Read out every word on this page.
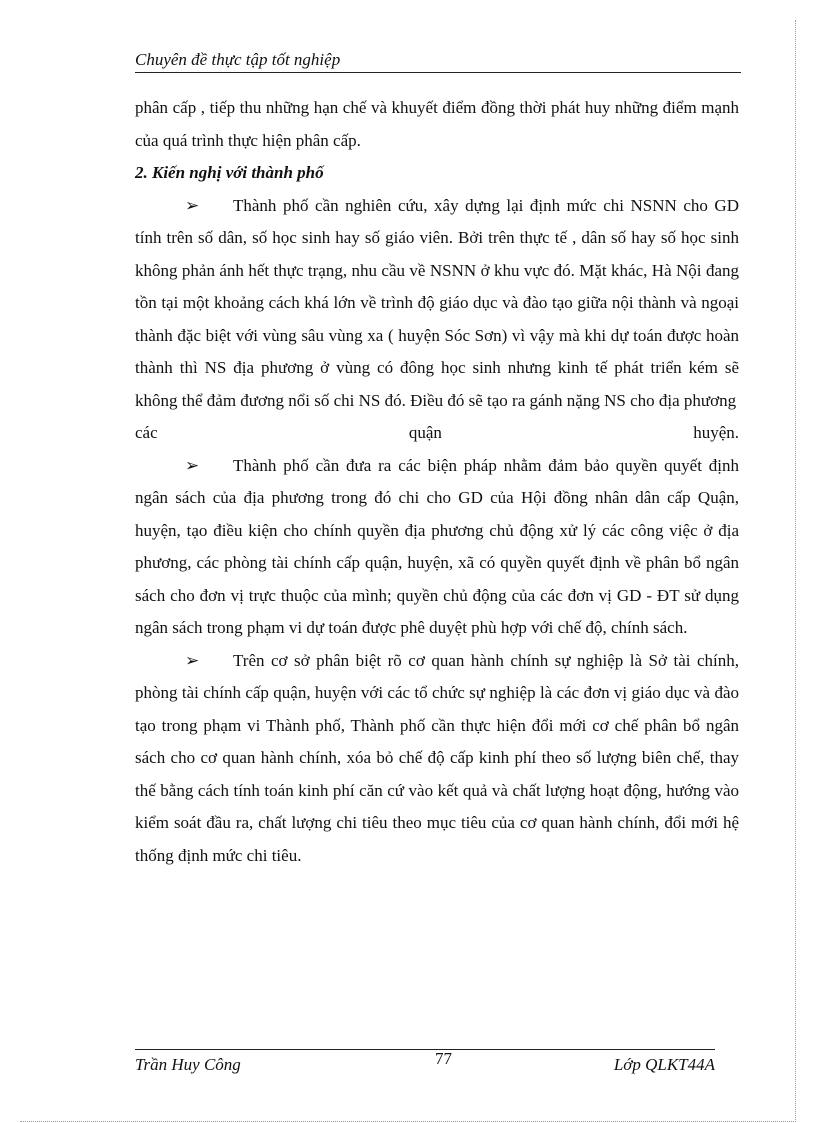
Chuyên đề thực tập tốt nghiệp

phân cấp , tiếp thu những hạn chế và khuyết điểm đồng thời phát huy những điểm mạnh của quá trình thực hiện phân cấp.

2. Kiến nghị với thành phố

➢ Thành phố cần nghiên cứu, xây dựng lại định mức chi NSNN cho GD tính trên số dân, số học sinh hay số giáo viên. Bởi trên thực tế , dân số hay số học sinh không phản ánh hết thực trạng, nhu cầu về NSNN ở khu vực đó. Mặt khác, Hà Nội đang tồn tại một khoảng cách khá lớn về trình độ giáo dục và đào tạo giữa nội thành và ngoại thành đặc biệt với vùng sâu vùng xa ( huyện Sóc Sơn) vì vậy mà khi dự toán được hoàn thành thì NS địa phương ở vùng có đông học sinh nhưng kinh tế phát triển kém sẽ không thể đảm đương nổi số chi NS đó. Điều đó sẽ tạo ra gánh nặng NS cho địa phương

các	quận	huyện.

➢ Thành phố cần đưa ra các biện pháp nhằm đảm bảo quyền quyết định ngân sách của địa phương trong đó chi cho GD của Hội đồng nhân dân cấp Quận, huyện, tạo điều kiện cho chính quyền địa phương chủ động xử lý các công việc ở địa phương, các phòng tài chính cấp quận, huyện, xã có quyền quyết định về phân bổ ngân sách cho đơn vị trực thuộc của mình; quyền chủ động của các đơn vị GD - ĐT sử dụng ngân sách trong phạm vi dự toán được phê duyệt phù hợp với chế độ, chính sách.

➢ Trên cơ sở phân biệt rõ cơ quan hành chính sự nghiệp là Sở tài chính, phòng tài chính cấp quận, huyện với các tổ chức sự nghiệp là các đơn vị giáo dục và đào tạo trong phạm vi Thành phố, Thành phố cần thực hiện đổi mới cơ chế phân bổ ngân sách cho cơ quan hành chính, xóa bỏ chế độ cấp kinh phí theo số lượng biên chế, thay thế bằng cách tính toán kinh phí căn cứ vào kết quả và chất lượng hoạt động, hướng vào kiểm soát đầu ra, chất lượng chi tiêu theo mục tiêu của cơ quan hành chính, đổi mới hệ thống định mức chi tiêu.

Trần Huy Công	77	Lớp QLKT44A
